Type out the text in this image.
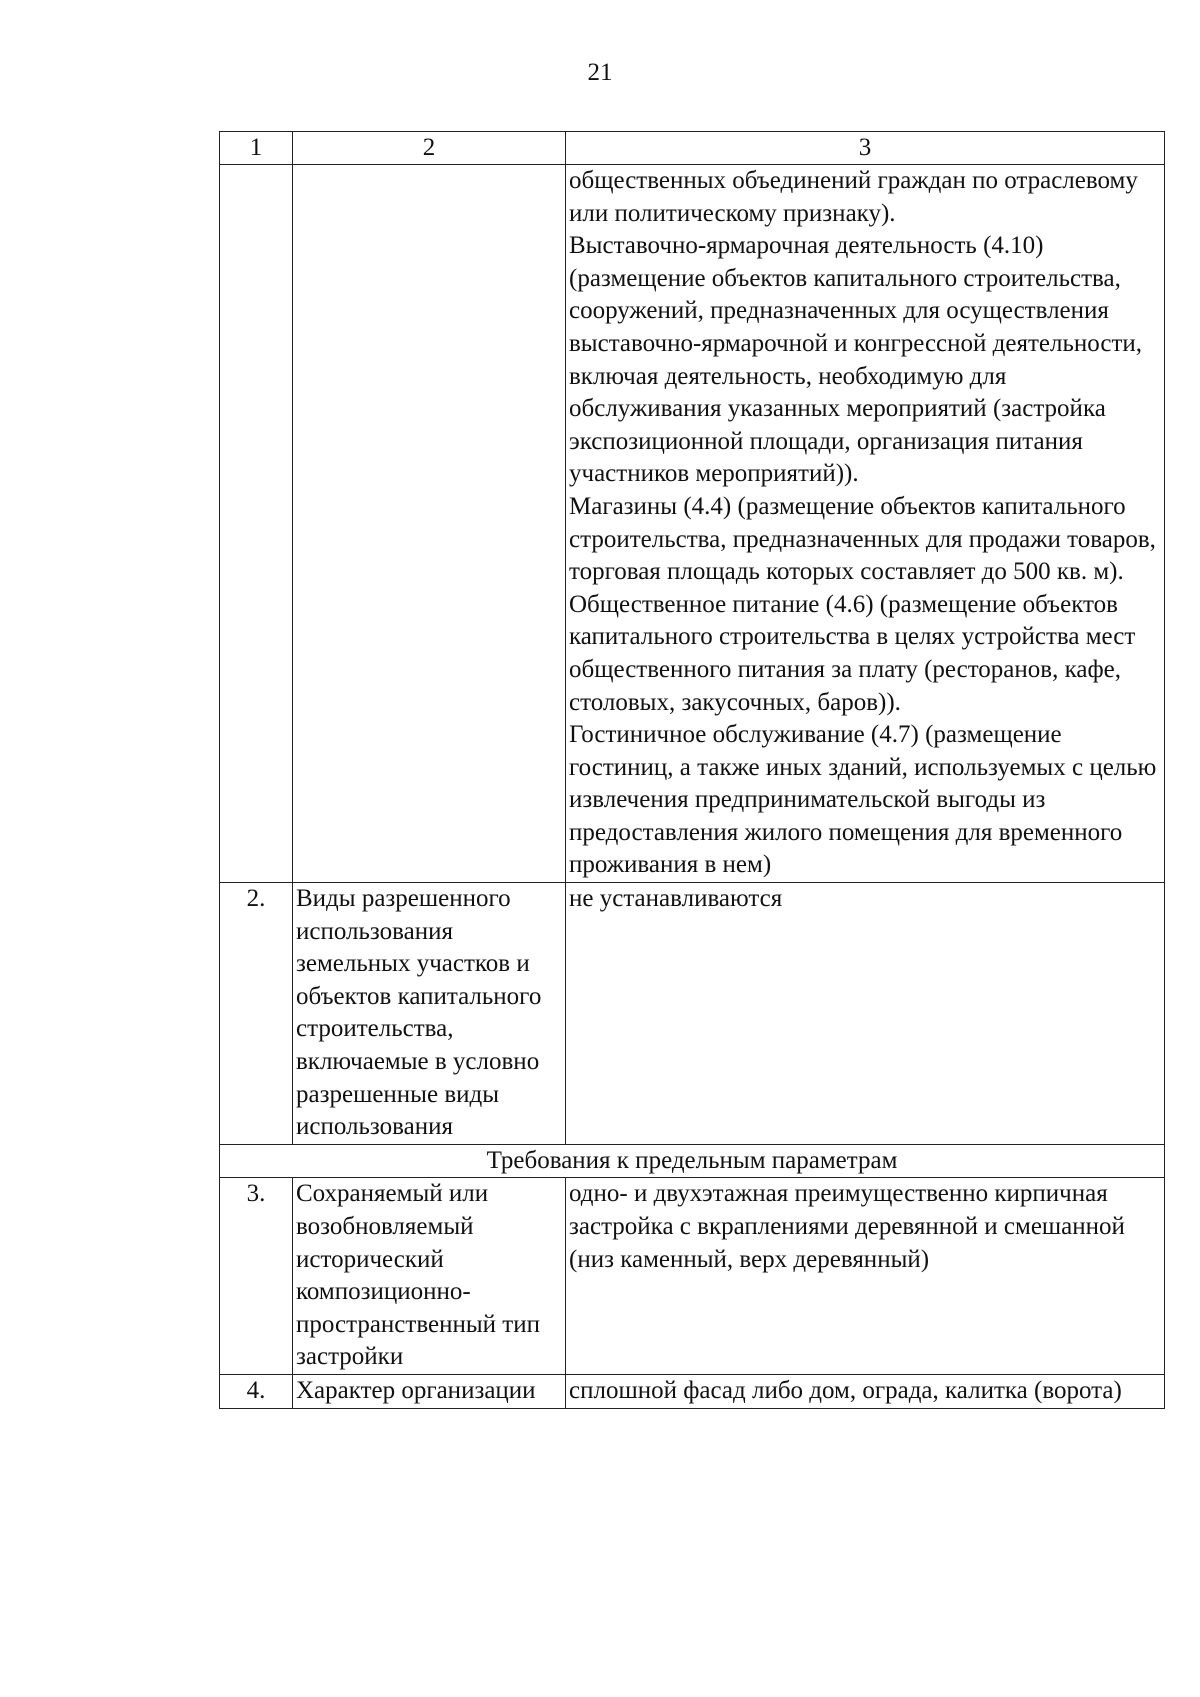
21
1	2	3

		общественных объединений граждан по отраслевому или политическому признаку).
Выставочно-ярмарочная деятельность (4.10) (размещение объектов капитального строительства, сооружений, предназначенных для осуществления выставочно-ярмарочной и конгрессной деятельности, включая деятельность, необходимую для обслуживания указанных мероприятий (застройка экспозиционной площади, организация питания участников мероприятий)).
Магазины (4.4) (размещение объектов капитального строительства, предназначенных для продажи товаров, торговая площадь которых составляет до 500 кв. м).
Общественное питание (4.6) (размещение объектов капитального строительства в целях устройства мест общественного питания за плату (ресторанов, кафе, столовых, закусочных, баров)).
Гостиничное обслуживание (4.7) (размещение гостиниц, а также иных зданий, используемых с целью извлечения предпринимательской выгоды из предоставления жилого помещения для временного проживания в нем)

2.	Виды разрешенного использования земельных участков и объектов капитального строительства, включаемые в условно разрешенные виды использования	не устанавливаются
Требования к предельным параметрам		
3.	Сохраняемый или возобновляемый исторический композиционно-пространственный тип застройки	одно- и двухэтажная преимущественно кирпичная застройка с вкраплениями деревянной и смешанной (низ каменный, верх деревянный)
4.	Характер организации	сплошной фасад либо дом, ограда, калитка (ворота)
